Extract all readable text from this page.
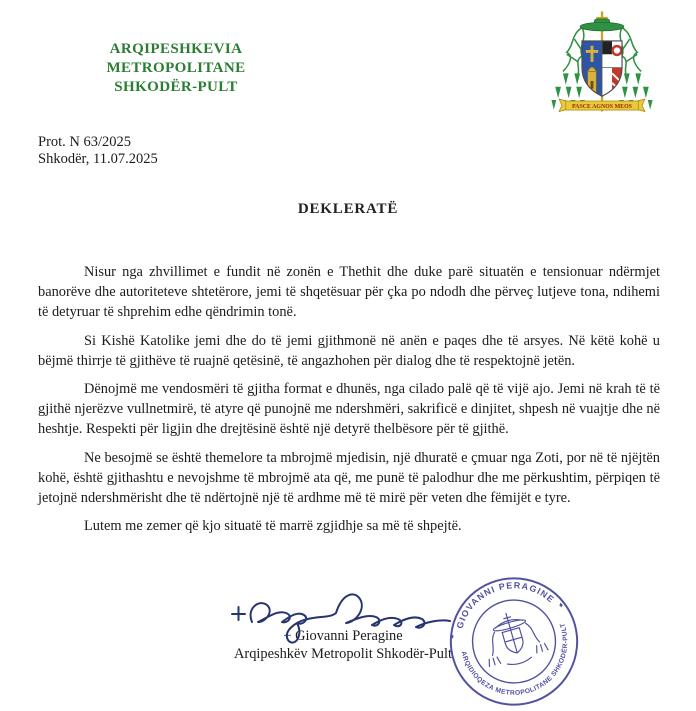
ARQIPESHKEVIA METROPOLITANE
SHKODËR-PULT
PASCE AGNOS MEOS
Prot. N 63/2025
Shkodër, 11.07.2025
DEKLERATË

Nisur nga zhvillimet e fundit në zonën e Thethit dhe duke parë situatën e tensionuar ndërmjet banorëve dhe autoriteteve shtetërore, jemi të shqetësuar për çka po ndodh dhe përveç lutjeve tona, ndihemi të detyruar të shprehim edhe qëndrimin tonë.

Si Kishë Katolike jemi dhe do të jemi gjithmonë në anën e paqes dhe të arsyes. Në këtë kohë u bëjmë thirrje të gjithëve të ruajnë qetësinë, të angazhohen për dialog dhe të respektojnë jetën.

Dënojmë me vendosmëri të gjitha format e dhunës, nga cilado palë që të vijë ajo. Jemi në krah të të gjithë njerëzve vullnetmirë, të atyre që punojnë me ndershmëri, sakrificë e dinjitet, shpesh në vuajtje dhe në heshtje. Respekti për ligjin dhe drejtësinë është një detyrë thelbësore për të gjithë.

Ne besojmë se është themelore ta mbrojmë mjedisin, një dhuratë e çmuar nga Zoti, por në të njëjtën kohë, është gjithashtu e nevojshme të mbrojmë ata që, me punë të palodhur dhe me përkushtim, përpiqen të jetojnë ndershmërisht dhe të ndërtojnë një të ardhme më të mirë për veten dhe fëmijët e tyre.

Lutem me zemer që kjo situatë të marrë zgjidhje sa më të shpejtë.

+ Giovanni Peragine
Arqipeshkëv Metropolit Shkodër-Pult
GIOVANNI PERAGINE
ARQIDIOQEZA METROPOLITANE SHKODËR-PULT
♦
♦
